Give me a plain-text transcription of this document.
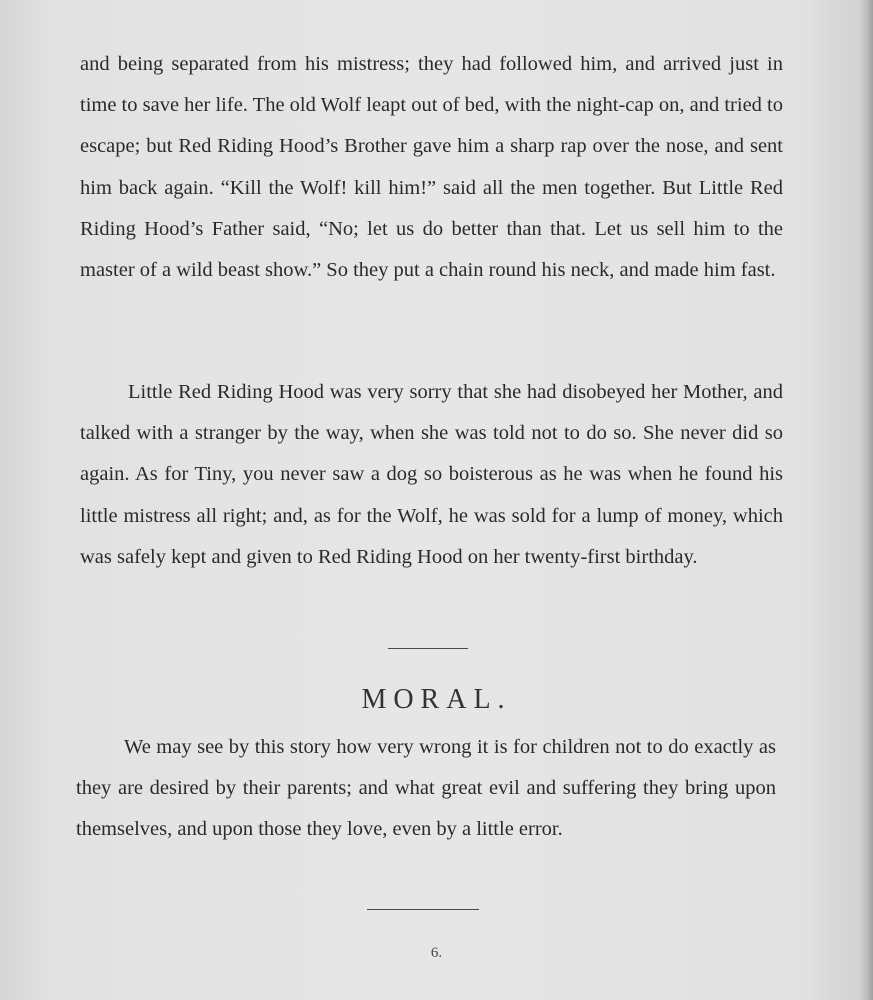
and being separated from his mistress; they had followed him, and arrived just in time to save her life. The old Wolf leapt out of bed, with the night-cap on, and tried to escape; but Red Riding Hood’s Brother gave him a sharp rap over the nose, and sent him back again. “Kill the Wolf! kill him!” said all the men together. But Little Red Riding Hood’s Father said, “No; let us do better than that. Let us sell him to the master of a wild beast show.” So they put a chain round his neck, and made him fast.

Little Red Riding Hood was very sorry that she had disobeyed her Mother, and talked with a stranger by the way, when she was told not to do so. She never did so again. As for Tiny, you never saw a dog so boisterous as he was when he found his little mistress all right; and, as for the Wolf, he was sold for a lump of money, which was safely kept and given to Red Riding Hood on her twenty-first birthday.

MORAL.

We may see by this story how very wrong it is for children not to do exactly as they are desired by their parents; and what great evil and suffering they bring upon themselves, and upon those they love, even by a little error.

6.
